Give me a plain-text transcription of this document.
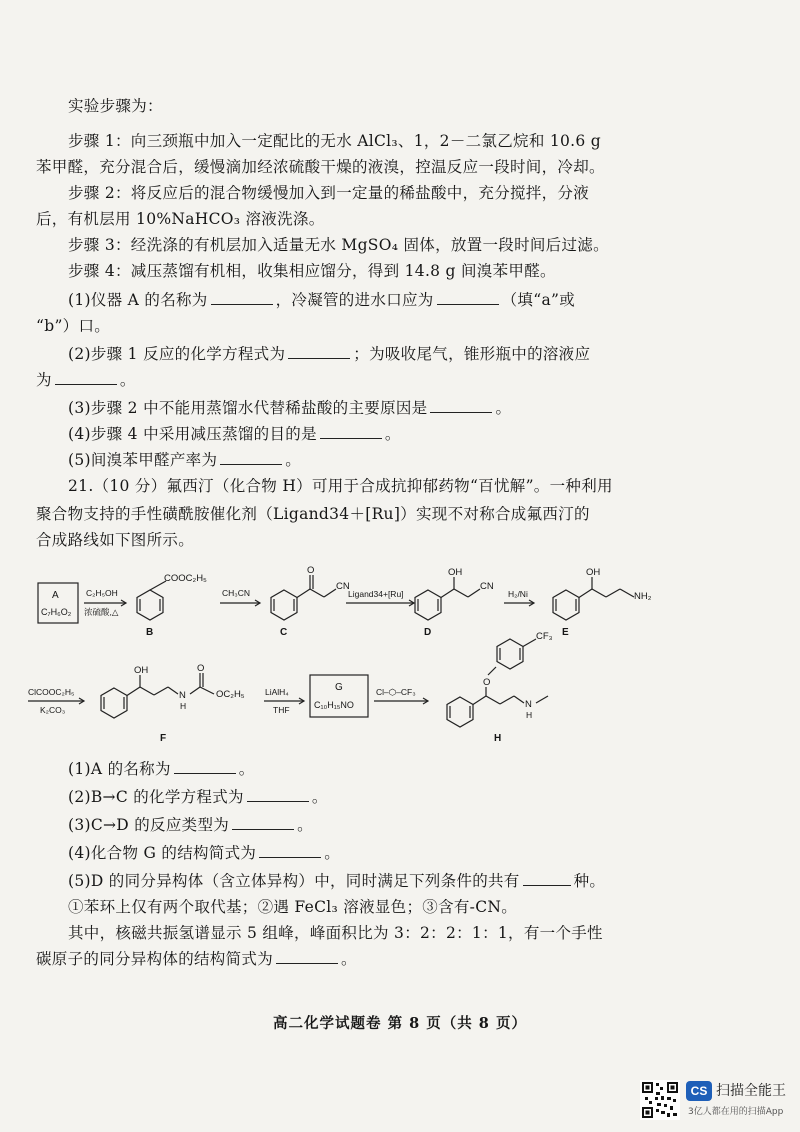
实验步骤为：
步骤 1：向三颈瓶中加入一定配比的无水 AlCl₃、1，2－二氯乙烷和 10.6 g
苯甲醛，充分混合后，缓慢滴加经浓硫酸干燥的液溴，控温反应一段时间，冷却。
步骤 2：将反应后的混合物缓慢加入到一定量的稀盐酸中，充分搅拌，分液
后，有机层用 10%NaHCO₃ 溶液洗涤。
步骤 3：经洗涤的有机层加入适量无水 MgSO₄ 固体，放置一段时间后过滤。
步骤 4：减压蒸馏有机相，收集相应馏分，得到 14.8 g 间溴苯甲醛。
(1)仪器 A 的名称为	，冷凝管的进水口应为	（填“a”或
“b”）口。
(2)步骤 1 反应的化学方程式为	；为吸收尾气，锥形瓶中的溶液应
为	。
(3)步骤 2 中不能用蒸馏水代替稀盐酸的主要原因是	。
(4)步骤 4 中采用减压蒸馏的目的是	。
(5)间溴苯甲醛产率为	。
21.（10 分）氟西汀（化合物 H）可用于合成抗抑郁药物“百忧解”。一种利用
聚合物支持的手性磺酰胺催化剂（Ligand34＋[Ru]）实现不对称合成氟西汀的
合成路线如下图所示。
A
C₇H₆O₂
C₂H₅OH
浓硫酸,△
COOC₂H₅
B
CH₃CN
O
CN
C
Ligand34+[Ru]
OH
CN
D
H₂/Ni
OH
NH₂
E
ClCOOC₂H₅
K₂CO₃
OH
N
H
O
OC₂H₅
F
LiAlH₄
THF
G
C₁₀H₁₅NO
Cl–⬡–CF₃
CF₃
O
N
H
H
(1)A 的名称为	。
(2)B→C 的化学方程式为	。
(3)C→D 的反应类型为	。
(4)化合物 G 的结构简式为	。
(5)D 的同分异构体（含立体异构）中，同时满足下列条件的共有	种。
①苯环上仅有两个取代基；②遇 FeCl₃ 溶液显色；③含有-CN。
其中，核磁共振氢谱显示 5 组峰，峰面积比为 3：2：2：1：1，有一个手性
碳原子的同分异构体的结构简式为	。
高二化学试题卷 第 8 页（共 8 页）
CS 扫描全能王
3亿人都在用的扫描App
